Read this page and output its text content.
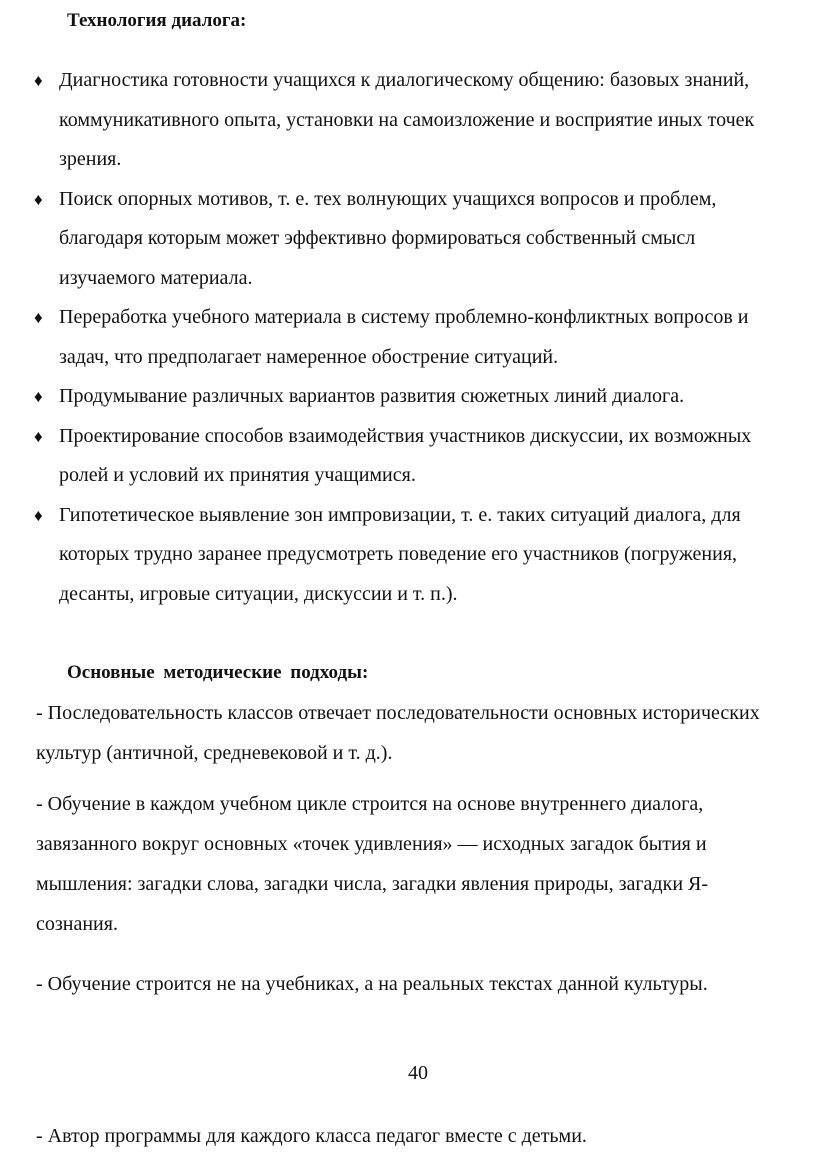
Технология диалога:
♦ Диагностика готовности учащихся к диалогическому общению: базовых знаний, коммуникативного опыта, установки на самоизложение и восприятие иных точек зрения.
♦ Поиск опорных мотивов, т. е. тех волнующих учащихся вопросов и проблем, благодаря которым может эффективно формироваться собственный смысл изучаемого материала.
♦ Переработка учебного материала в систему проблемно-конфликтных вопросов и задач, что предполагает намеренное обострение ситуаций.
♦ Продумывание различных вариантов развития сюжетных линий диалога.
♦ Проектирование способов взаимодействия участников дискуссии, их возможных ролей и условий их принятия учащимися.
♦ Гипотетическое выявление зон импровизации, т. е. таких ситуаций диалога, для которых трудно заранее предусмотреть поведение его участников (погружения, десанты, игровые ситуации, дискуссии и т. п.).
Основные методические подходы:

- Последовательность классов отвечает последовательности основных исторических культур (античной, средневековой и т. д.).

- Обучение в каждом учебном цикле строится на основе внутреннего диалога, завязанного вокруг основных «точек удивления» — исходных загадок бытия и мышления: загадки слова, загадки числа, загадки явления природы, загадки Я-сознания.

- Обучение строится не на учебниках, а на реальных текстах данной культуры.

40

- Автор программы для каждого класса педагог вместе с детьми.
